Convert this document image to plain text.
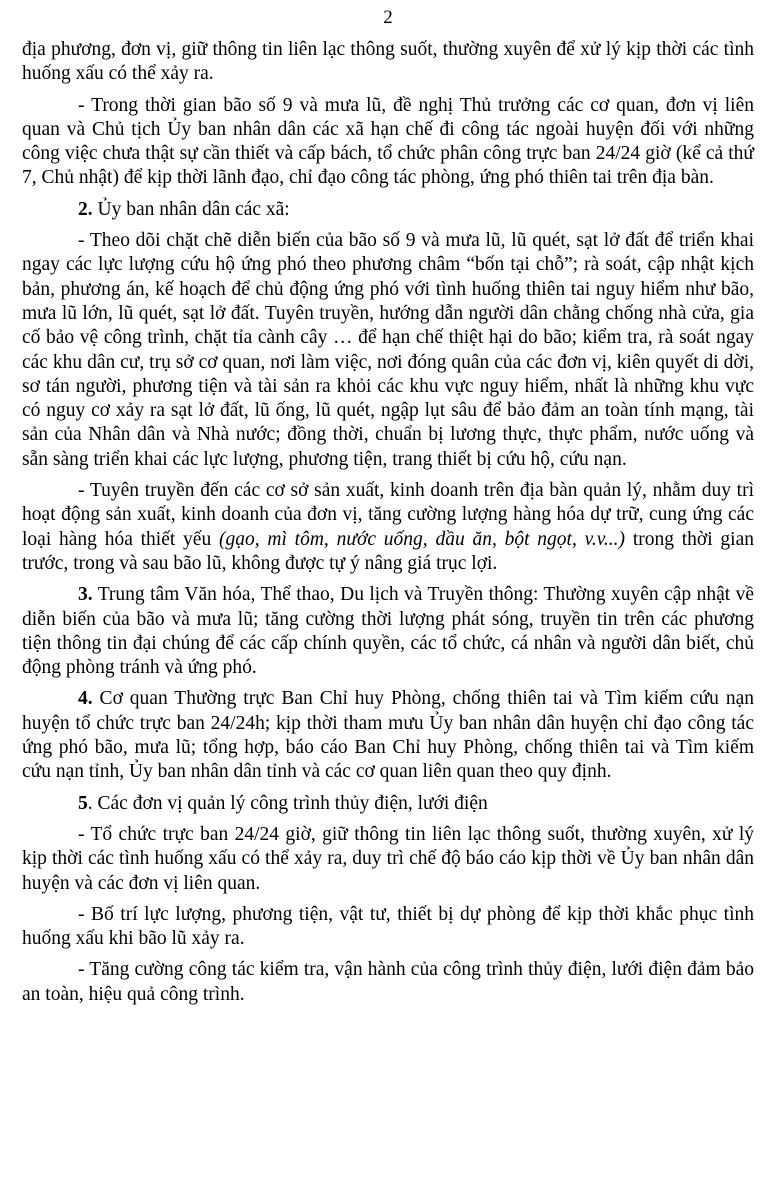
2

địa phương, đơn vị, giữ thông tin liên lạc thông suốt, thường xuyên để xử lý kịp thời các tình huống xấu có thể xảy ra.

- Trong thời gian bão số 9 và mưa lũ, đề nghị Thủ trưởng các cơ quan, đơn vị liên quan và Chủ tịch Ủy ban nhân dân các xã hạn chế đi công tác ngoài huyện đối với những công việc chưa thật sự cần thiết và cấp bách, tổ chức phân công trực ban 24/24 giờ (kể cả thứ 7, Chủ nhật) để kịp thời lãnh đạo, chỉ đạo công tác phòng, ứng phó thiên tai trên địa bàn.

2. Ủy ban nhân dân các xã:

- Theo dõi chặt chẽ diễn biến của bão số 9 và mưa lũ, lũ quét, sạt lở đất để triển khai ngay các lực lượng cứu hộ ứng phó theo phương châm “bốn tại chỗ”; rà soát, cập nhật kịch bản, phương án, kế hoạch để chủ động ứng phó với tình huống thiên tai nguy hiểm như bão, mưa lũ lớn, lũ quét, sạt lở đất. Tuyên truyền, hướng dẫn người dân chằng chống nhà cửa, gia cố bảo vệ công trình, chặt tỉa cành cây … để hạn chế thiệt hại do bão; kiểm tra, rà soát ngay các khu dân cư, trụ sở cơ quan, nơi làm việc, nơi đóng quân của các đơn vị, kiên quyết di dời, sơ tán người, phương tiện và tài sản ra khỏi các khu vực nguy hiểm, nhất là những khu vực có nguy cơ xảy ra sạt lở đất, lũ ống, lũ quét, ngập lụt sâu để bảo đảm an toàn tính mạng, tài sản của Nhân dân và Nhà nước; đồng thời, chuẩn bị lương thực, thực phẩm, nước uống và sẵn sàng triển khai các lực lượng, phương tiện, trang thiết bị cứu hộ, cứu nạn.

- Tuyên truyền đến các cơ sở sản xuất, kinh doanh trên địa bàn quản lý, nhằm duy trì hoạt động sản xuất, kinh doanh của đơn vị, tăng cường lượng hàng hóa dự trữ, cung ứng các loại hàng hóa thiết yếu (gạo, mì tôm, nước uống, dầu ăn, bột ngọt, v.v...) trong thời gian trước, trong và sau bão lũ, không được tự ý nâng giá trục lợi.

3. Trung tâm Văn hóa, Thể thao, Du lịch và Truyền thông: Thường xuyên cập nhật về diễn biến của bão và mưa lũ; tăng cường thời lượng phát sóng, truyền tin trên các phương tiện thông tin đại chúng để các cấp chính quyền, các tổ chức, cá nhân và người dân biết, chủ động phòng tránh và ứng phó.

4. Cơ quan Thường trực Ban Chỉ huy Phòng, chống thiên tai và Tìm kiếm cứu nạn huyện tổ chức trực ban 24/24h; kịp thời tham mưu Ủy ban nhân dân huyện chỉ đạo công tác ứng phó bão, mưa lũ; tổng hợp, báo cáo Ban Chỉ huy Phòng, chống thiên tai và Tìm kiếm cứu nạn tỉnh, Ủy ban nhân dân tỉnh và các cơ quan liên quan theo quy định.

5. Các đơn vị quản lý công trình thủy điện, lưới điện

- Tổ chức trực ban 24/24 giờ, giữ thông tin liên lạc thông suốt, thường xuyên, xử lý kịp thời các tình huống xấu có thể xảy ra, duy trì chế độ báo cáo kịp thời về Ủy ban nhân dân huyện và các đơn vị liên quan.

- Bố trí lực lượng, phương tiện, vật tư, thiết bị dự phòng để kịp thời khắc phục tình huống xấu khi bão lũ xảy ra.

- Tăng cường công tác kiểm tra, vận hành của công trình thủy điện, lưới điện đảm bảo an toàn, hiệu quả công trình.
